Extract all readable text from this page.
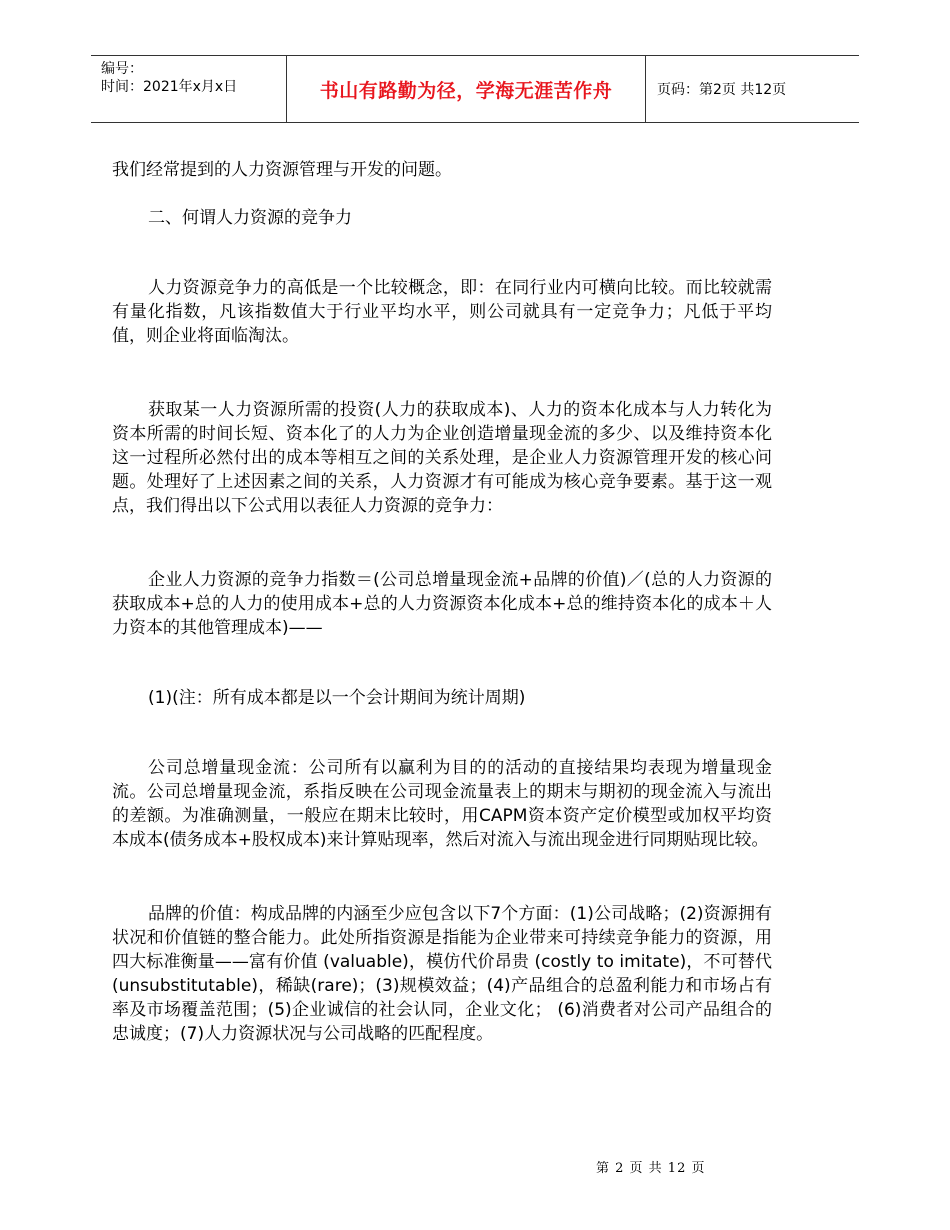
编号：
时间：2021年x月x日	书山有路勤为径，学海无涯苦作舟	页码：第2页 共12页

我们经常提到的人力资源管理与开发的问题。

二、何谓人力资源的竞争力

人力资源竞争力的高低是一个比较概念，即：在同行业内可横向比较。而比较就需有量化指数，凡该指数值大于行业平均水平，则公司就具有一定竞争力；凡低于平均值，则企业将面临淘汰。

获取某一人力资源所需的投资(人力的获取成本)、人力的资本化成本与人力转化为资本所需的时间长短、资本化了的人力为企业创造增量现金流的多少、以及维持资本化这一过程所必然付出的成本等相互之间的关系处理，是企业人力资源管理开发的核心问题。处理好了上述因素之间的关系，人力资源才有可能成为核心竞争要素。基于这一观点，我们得出以下公式用以表征人力资源的竞争力：

企业人力资源的竞争力指数＝(公司总增量现金流+品牌的价值)／(总的人力资源的获取成本+总的人力的使用成本+总的人力资源资本化成本+总的维持资本化的成本＋人力资本的其他管理成本)——

(1)(注：所有成本都是以一个会计期间为统计周期)

公司总增量现金流：公司所有以赢利为目的的活动的直接结果均表现为增量现金流。公司总增量现金流，系指反映在公司现金流量表上的期末与期初的现金流入与流出的差额。为准确测量，一般应在期末比较时，用CAPM资本资产定价模型或加权平均资本成本(债务成本+股权成本)来计算贴现率，然后对流入与流出现金进行同期贴现比较。

品牌的价值：构成品牌的内涵至少应包含以下7个方面：(1)公司战略；(2)资源拥有状况和价值链的整合能力。此处所指资源是指能为企业带来可持续竞争能力的资源，用四大标准衡量——富有价值 (valuable)，模仿代价昂贵 (costly to imitate)，不可替代(unsubstitutable)，稀缺(rare)；(3)规模效益；(4)产品组合的总盈利能力和市场占有率及市场覆盖范围；(5)企业诚信的社会认同，企业文化； (6)消费者对公司产品组合的忠诚度；(7)人力资源状况与公司战略的匹配程度。

第 2 页 共 12 页
